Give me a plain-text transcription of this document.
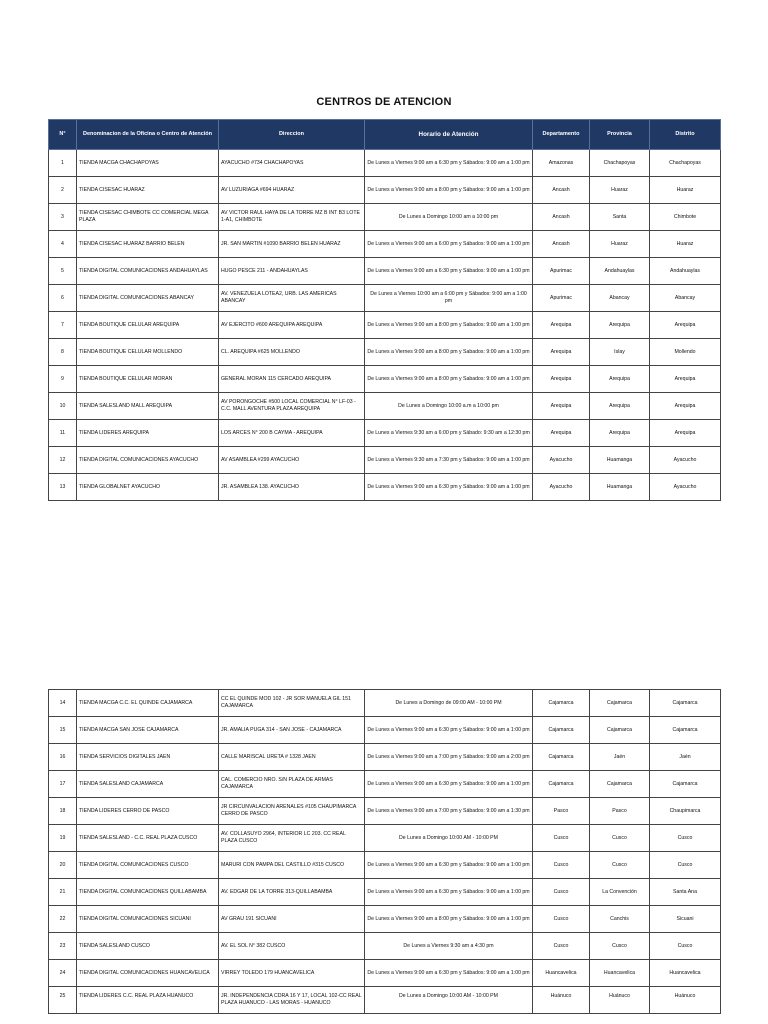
CENTROS DE ATENCION
N°	Denominacion de la Oficina o Centro de Atención	Direccion	Horario de Atención	Departamento	Provincia	Distrito
1	TIENDA MACGA CHACHAPOYAS	AYACUCHO #734 CHACHAPOYAS	De Lunes a Viernes 9:00 am a 6:30 pm y Sábados: 9:00 am a 1:00 pm	Amazonas	Chachapoyas	Chachapoyas
2	TIENDA CISESAC HUARAZ	AV LUZURIAGA #694 HUARAZ	De Lunes a Viernes 9:00 am a 8:00 pm y Sábados: 9:00 am a 1:00 pm	Ancash	Huaraz	Huaraz
3	TIENDA CISESAC CHIMBOTE CC COMERCIAL MEGA PLAZA	AV VICTOR RAUL HAYA DE LA TORRE MZ B INT B3 LOTE 1-A1, CHIMBOTE	De Lunes a Domingo 10:00 am a 10:00 pm	Ancash	Santa	Chimbote
4	TIENDA CISESAC HUARAZ BARRIO BELEN	JR. SAN MARTIN #1090 BARRIO BELEN HUARAZ	De Lunes a Viernes 9:00 am a 6:00 pm y Sábados: 9:00 am a 1:00 pm	Ancash	Huaraz	Huaraz
5	TIENDA DIGITAL COMUNICACIONES ANDAHUAYLAS	HUGO PESCE 211 - ANDAHUAYLAS	De Lunes a Viernes 9:00 am a 6:30 pm y Sábados: 9:00 am a 1:00 pm	Apurimac	Andahuaylas	Andahuaylas
6	TIENDA DIGITAL COMUNICACIONES ABANCAY	AV. VENEZUELA LOTEA2, URB. LAS AMERICAS ABANCAY	De Lunes a Viernes 10:00 am a 6:00 pm y Sábados: 9:00 am a 1:00 pm	Apurimac	Abancay	Abancay
7	TIENDA BOUTIQUE CELULAR AREQUIPA	AV EJERCITO #600 AREQUIPA AREQUIPA	De Lunes a Viernes 9:00 am a 8:00 pm y Sabados: 9:00 am a 1:00 pm	Arequipa	Arequipa	Arequipa
8	TIENDA BOUTIQUE CELULAR MOLLENDO	CL. AREQUIPA #625 MOLLENDO	De Lunes a Viernes 9:00 am a 8:00 pm y Sabados: 9:00 am a 1:00 pm	Arequipa	Islay	Mollendo
9	TIENDA BOUTIQUE CELULAR MORAN	GENERAL MORAN 115 CERCADO AREQUIPA	De Lunes a Viernes 9:00 am a 8:00 pm y Sabados: 9:00 am a 1:00 pm	Arequipa	Arequipa	Arequipa
10	TIENDA SALESLAND MALL AREQUIPA	AV PORONGOCHE #500 LOCAL COMERCIAL N° LF-03 - C.C. MALL AVENTURA PLAZA AREQUIPA	De Lunes a Domingo 10:00 a.m a 10:00 pm	Arequipa	Arequipa	Arequipa
11	TIENDA LIDERES AREQUIPA	LOS ARCES N° 200 B CAYMA - AREQUIPA	De Lunes a Viernes 9:30 am a 6:00 pm y Sábado: 9:30 am a 12:30 pm	Arequipa	Arequipa	Arequipa
12	TIENDA DIGITAL COMUNICACIONES AYACUCHO	AV ASAMBLEA #299 AYACUCHO	De Lunes a Viernes 9:30 am a 7:30 pm y Sábados: 9:00 am a 1:00 pm	Ayacucho	Huamanga	Ayacucho
13	TIENDA GLOBALNET AYACUCHO	JR. ASAMBLEA 138. AYACUCHO	De Lunes a Viernes 9:00 am a 6:30 pm y Sábados: 9:00 am a 1:00 pm	Ayacucho	Huamanga	Ayacucho
14	TIENDA MACGA C.C. EL QUINDE CAJAMARCA	CC EL QUINDE MOD 102 - JR SOR MANUELA GIL 151 CAJAMARCA	De Lunes a Domingo de 09:00 AM - 10:00 PM	Cajamarca	Cajamarca	Cajamarca
15	TIENDA MACGA SAN JOSE CAJAMARCA	JR. AMALIA PUGA 314 - SAN JOSE - CAJAMARCA	De Lunes a Viernes 9:00 am a 6:30 pm y Sábados: 9:00 am a 1:00 pm	Cajamarca	Cajamarca	Cajamarca
16	TIENDA SERVICIOS DIGITALES JAEN	CALLE MARISCAL URETA # 1328 JAEN	De Lunes a Viernes 9:00 am a 7:00 pm y Sábados: 9:00 am a 2:00 pm	Cajamarca	Jaén	Jaén
17	TIENDA SALESLAND CAJAMARCA	CAL. COMERCIO NRO. S/N PLAZA DE ARMAS CAJAMARCA	De Lunes a Viernes 9:00 am a 6:30 pm y Sábados: 9:00 am a 1:00 pm	Cajamarca	Cajamarca	Cajamarca
18	TIENDA LIDERES CERRO DE PASCO	JR CIRCUNVALACION ARENALES #105 CHAUPIMARCA CERRO DE PASCO	De Lunes a Viernes 9:00 am a 7:00 pm y Sábados: 9:00 am a 1:30 pm	Pasco	Pasco	Chaupimarca
19	TIENDA SALESLAND - C.C. REAL PLAZA CUSCO	AV. COLLASUYO 2964, INTERIOR LC 203. CC REAL PLAZA CUSCO	De Lunes a Domingo 10:00 AM - 10:00 PM	Cusco	Cusco	Cusco
20	TIENDA DIGITAL COMUNICACIONES CUSCO	MARURI CON PAMPA DEL CASTILLO #315 CUSCO	De Lunes a Viernes 9:00 am a 6:30 pm y Sábados: 9:00 am a 1:00 pm	Cusco	Cusco	Cusco
21	TIENDA DIGITAL COMUNICACIONES QUILLABAMBA	AV. EDGAR DE LA TORRE 313-QUILLABAMBA	De Lunes a Viernes 9:00 am a 6:30 pm y Sábados: 9:00 am a 1:00 pm	Cusco	La Convención	Santa Ana
22	TIENDA DIGITAL COMUNICACIONES SICUANI	AV GRAU 191 SICUANI	De Lunes a Viernes 9:00 am a 8:00 pm y Sábados: 9:00 am a 1:00 pm	Cusco	Canchis	Sicuani
23	TIENDA SALESLAND CUSCO	AV. EL SOL N° 382 CUSCO	De Lunes a Viernes 9:30 am a 4:30 pm	Cusco	Cusco	Cusco
24	TIENDA DIGITAL COMUNICACIONES HUANCAVELICA	VIRREY TOLEDO 179 HUANCAVELICA	De Lunes a Viernes 9:00 am a 6:30 pm y Sábados: 9:00 am a 1:00 pm	Huancavelica	Huancavelica	Huancavelica
25	TIENDA LIDERES C.C. REAL PLAZA HUANUCO	JR. INDEPENDENCIA CDRA 16 Y 17, LOCAL 102-CC REAL PLAZA HUANUCO - LAS MORAS - HUANUCO	De Lunes a Domingo 10:00 AM - 10:00 PM	Huánuco	Huánuco	Huánuco
